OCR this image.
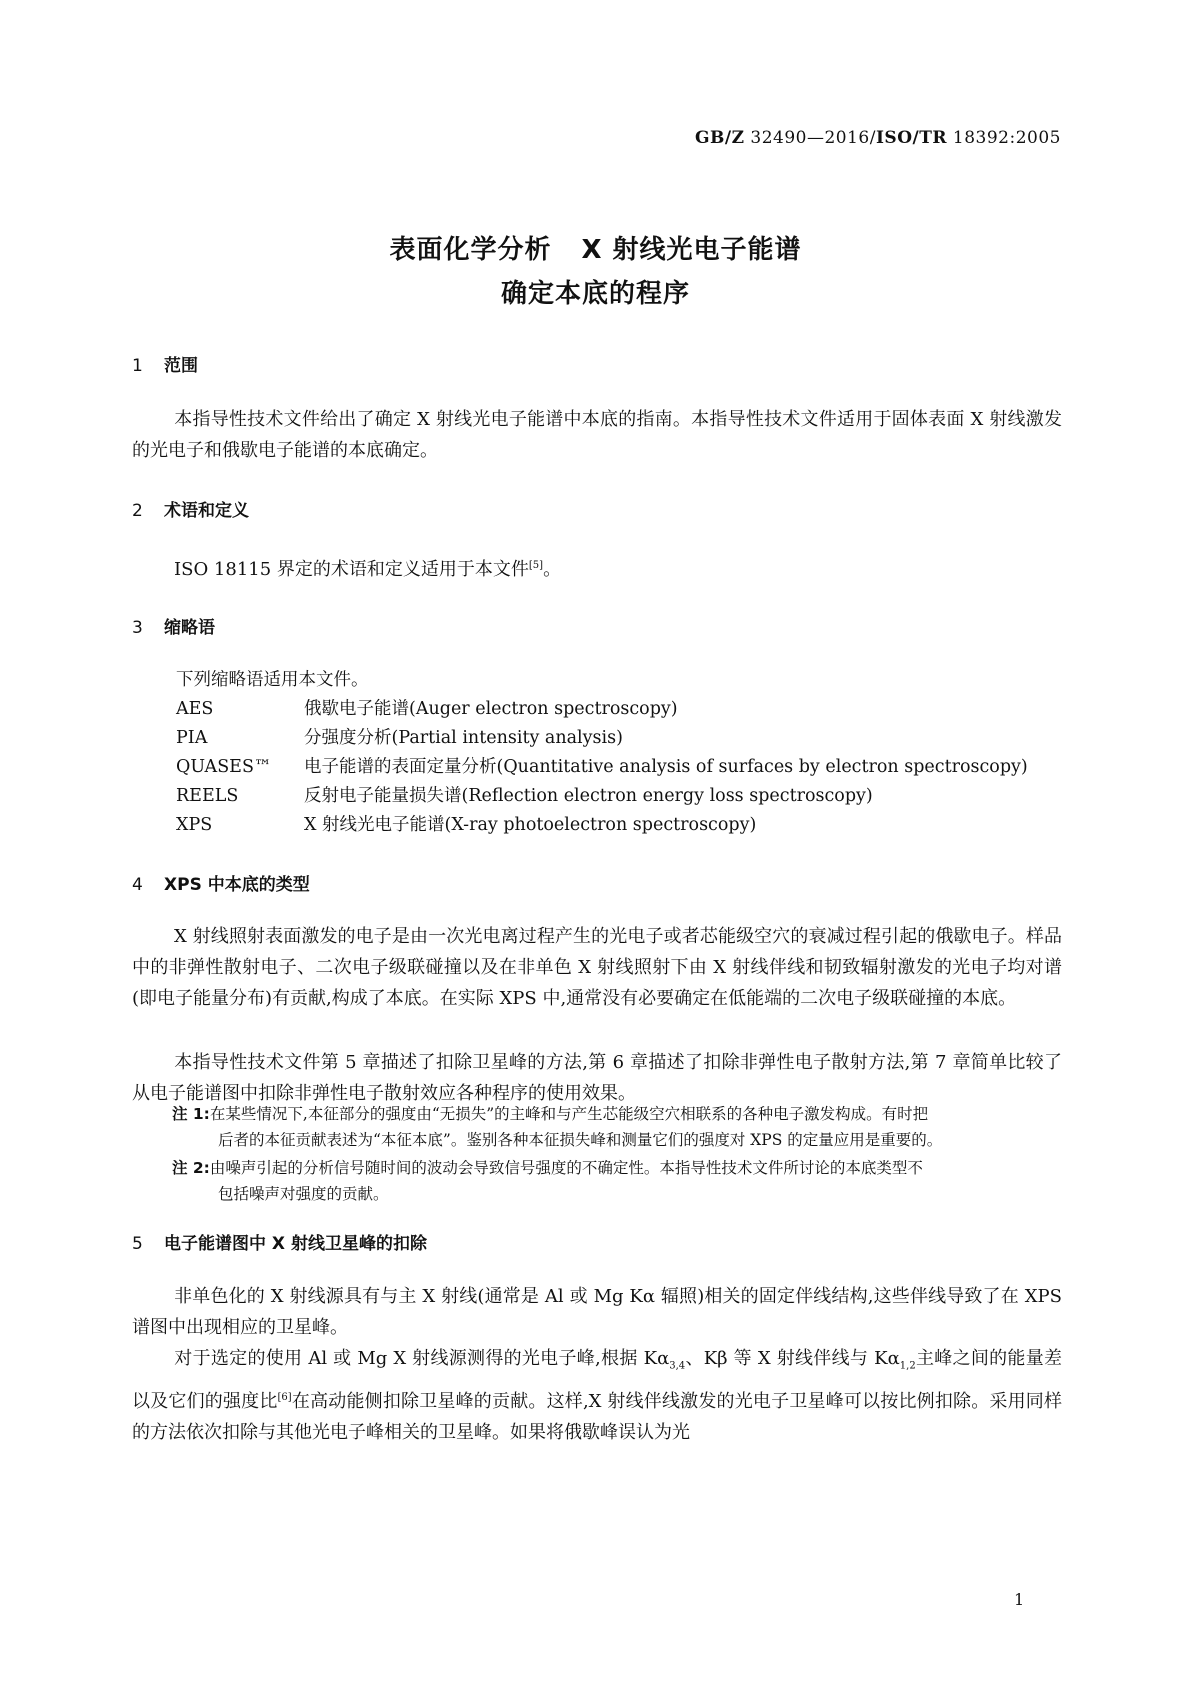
GB/Z 32490—2016/ISO/TR 18392:2005
表面化学分析 X 射线光电子能谱
确定本底的程序
1 范围
本指导性技术文件给出了确定 X 射线光电子能谱中本底的指南。本指导性技术文件适用于固体表面 X 射线激发的光电子和俄歇电子能谱的本底确定。
2 术语和定义
ISO 18115 界定的术语和定义适用于本文件[5]。
3 缩略语
下列缩略语适用本文件。
AES	俄歇电子能谱(Auger electron spectroscopy)
PIA	分强度分析(Partial intensity analysis)
QUASES™ 电子能谱的表面定量分析(Quantitative analysis of surfaces by electron spectroscopy)
REELS	反射电子能量损失谱(Reflection electron energy loss spectroscopy)
XPS	X 射线光电子能谱(X-ray photoelectron spectroscopy)
4 XPS 中本底的类型
X 射线照射表面激发的电子是由一次光电离过程产生的光电子或者芯能级空穴的衰减过程引起的俄歇电子。样品中的非弹性散射电子、二次电子级联碰撞以及在非单色 X 射线照射下由 X 射线伴线和韧致辐射激发的光电子均对谱(即电子能量分布)有贡献,构成了本底。在实际 XPS 中,通常没有必要确定在低能端的二次电子级联碰撞的本底。
本指导性技术文件第 5 章描述了扣除卫星峰的方法,第 6 章描述了扣除非弹性电子散射方法,第 7 章简单比较了从电子能谱图中扣除非弹性电子散射效应各种程序的使用效果。
注 1:在某些情况下,本征部分的强度由“无损失”的主峰和与产生芯能级空穴相联系的各种电子激发构成。有时把
后者的本征贡献表述为“本征本底”。鉴别各种本征损失峰和测量它们的强度对 XPS 的定量应用是重要的。
注 2:由噪声引起的分析信号随时间的波动会导致信号强度的不确定性。本指导性技术文件所讨论的本底类型不
包括噪声对强度的贡献。
5 电子能谱图中 X 射线卫星峰的扣除
非单色化的 X 射线源具有与主 X 射线(通常是 Al 或 Mg Kα 辐照)相关的固定伴线结构,这些伴线导致了在 XPS 谱图中出现相应的卫星峰。
对于选定的使用 Al 或 Mg X 射线源测得的光电子峰,根据 $K\alpha_{3,4}$、Kβ 等 X 射线伴线与 $K\alpha_{1,2}$主峰之间的能量差以及它们的强度比[6]在高动能侧扣除卫星峰的贡献。这样,X 射线伴线激发的光电子卫星峰可以按比例扣除。采用同样的方法依次扣除与其他光电子峰相关的卫星峰。如果将俄歇峰误认为光
1
